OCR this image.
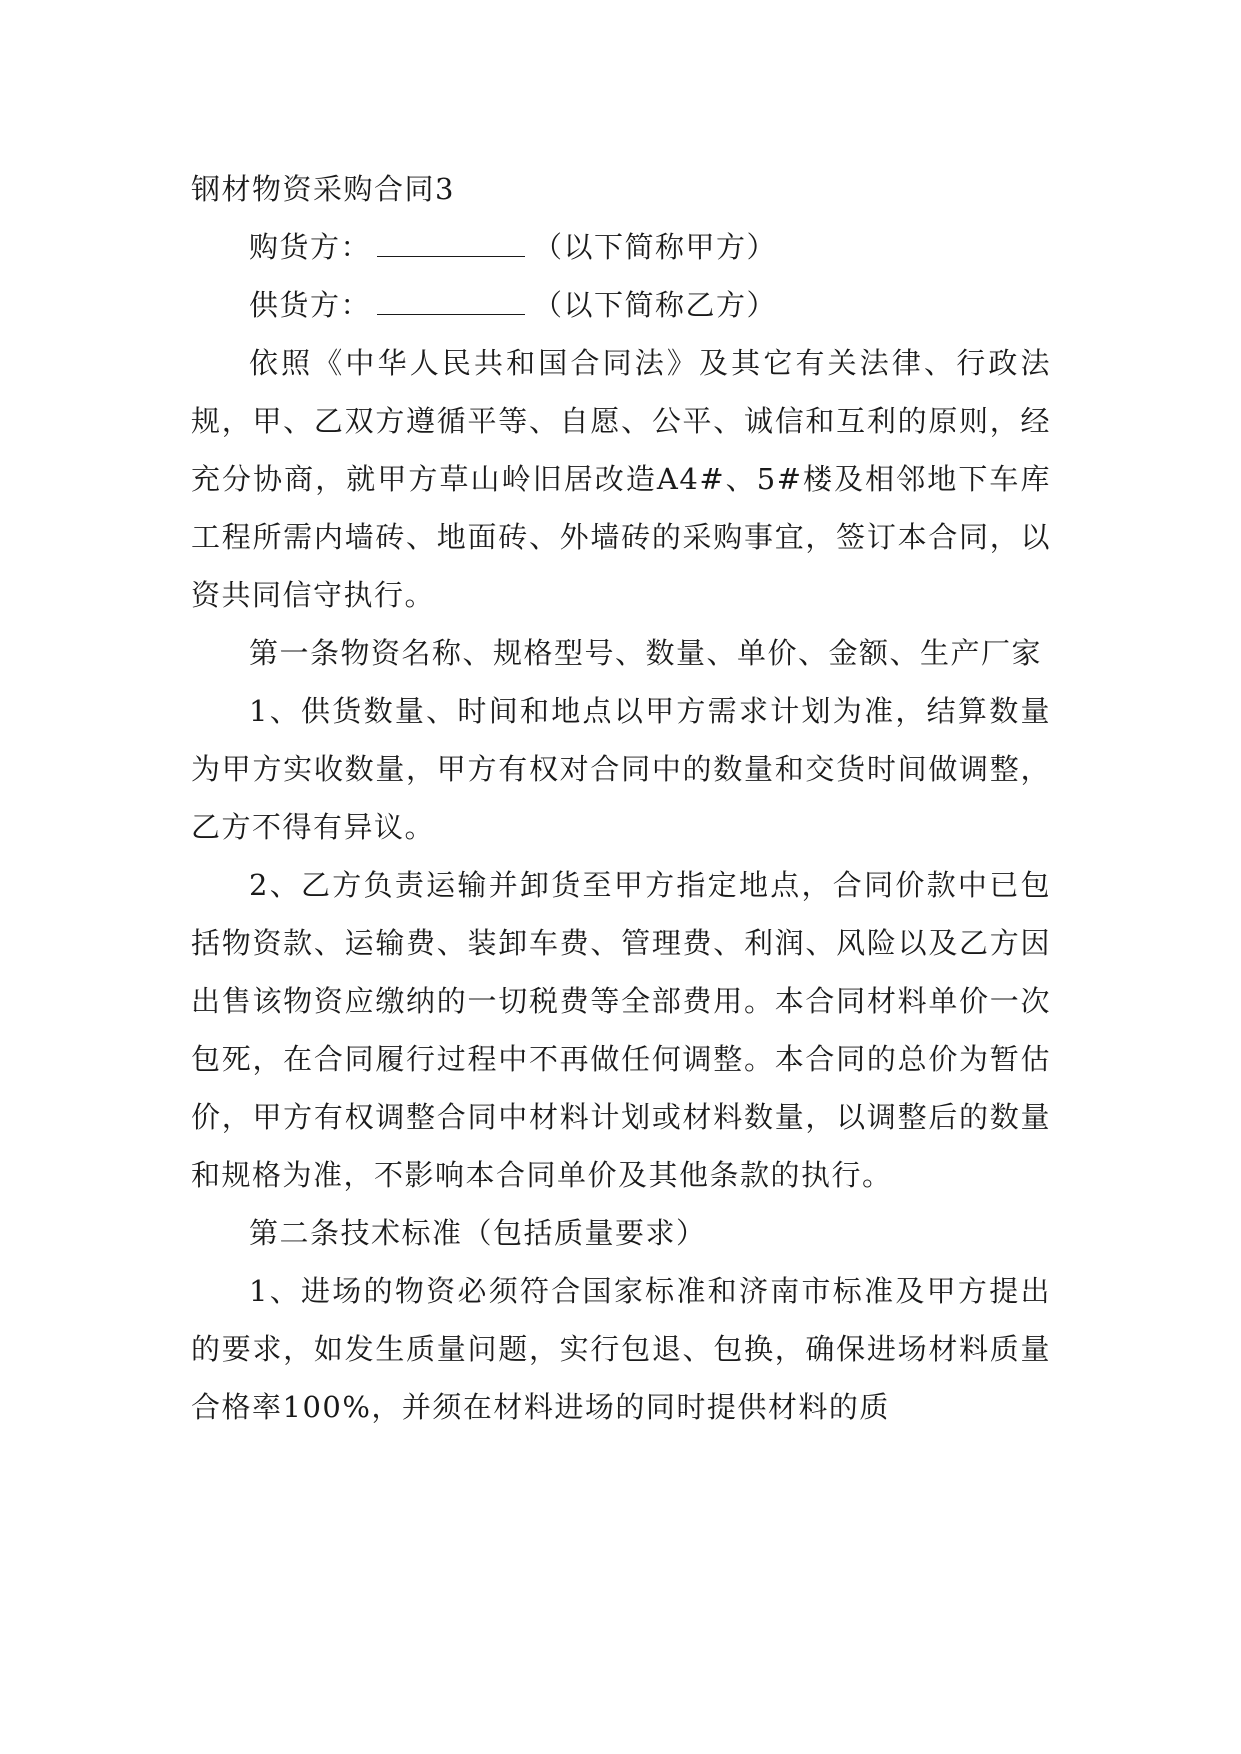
钢材物资采购合同3

购货方：	（以下简称甲方）

供货方：	（以下简称乙方）

依照《中华人民共和国合同法》及其它有关法律、行政法规，甲、乙双方遵循平等、自愿、公平、诚信和互利的原则，经充分协商，就甲方草山岭旧居改造A4#、5#楼及相邻地下车库工程所需内墙砖、地面砖、外墙砖的采购事宜，签订本合同，以资共同信守执行。

第一条物资名称、规格型号、数量、单价、金额、生产厂家

1、供货数量、时间和地点以甲方需求计划为准，结算数量为甲方实收数量，甲方有权对合同中的数量和交货时间做调整，乙方不得有异议。

2、乙方负责运输并卸货至甲方指定地点，合同价款中已包括物资款、运输费、装卸车费、管理费、利润、风险以及乙方因出售该物资应缴纳的一切税费等全部费用。本合同材料单价一次包死，在合同履行过程中不再做任何调整。本合同的总价为暂估价，甲方有权调整合同中材料计划或材料数量，以调整后的数量和规格为准，不影响本合同单价及其他条款的执行。

第二条技术标准（包括质量要求）

1、进场的物资必须符合国家标准和济南市标准及甲方提出的要求，如发生质量问题，实行包退、包换，确保进场材料质量合格率100%，并须在材料进场的同时提供材料的质
